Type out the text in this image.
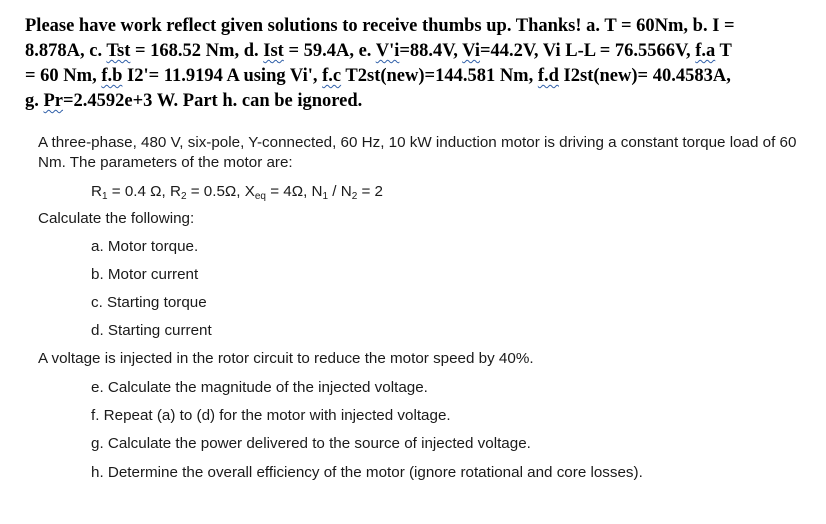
Please have work reflect given solutions to receive thumbs up. Thanks! a. T = 60Nm, b. I =
8.878A, c. Tst = 168.52 Nm, d. Ist = 59.4A, e. V'i=88.4V, Vi=44.2V, Vi L-L = 76.5566V, f.a T
= 60 Nm, f.b I2'= 11.9194 A using Vi', f.c T2st(new)=144.581 Nm, f.d I2st(new)= 40.4583A,
g. Pr=2.4592e+3 W. Part h. can be ignored.
A three-phase, 480 V, six-pole, Y-connected, 60 Hz, 10 kW induction motor is driving a constant torque load of 60 Nm. The parameters of the motor are:
$R_1 = 0.4$ Ω, $R_2 = 0.5\Omega$, $X_{eq} = 4\Omega$, $N_1 / N_2 = 2$
Calculate the following:
a. Motor torque.
b. Motor current
c. Starting torque
d. Starting current
A voltage is injected in the rotor circuit to reduce the motor speed by 40%.
e. Calculate the magnitude of the injected voltage.
f. Repeat (a) to (d) for the motor with injected voltage.
g. Calculate the power delivered to the source of injected voltage.
h. Determine the overall efficiency of the motor (ignore rotational and core losses).
